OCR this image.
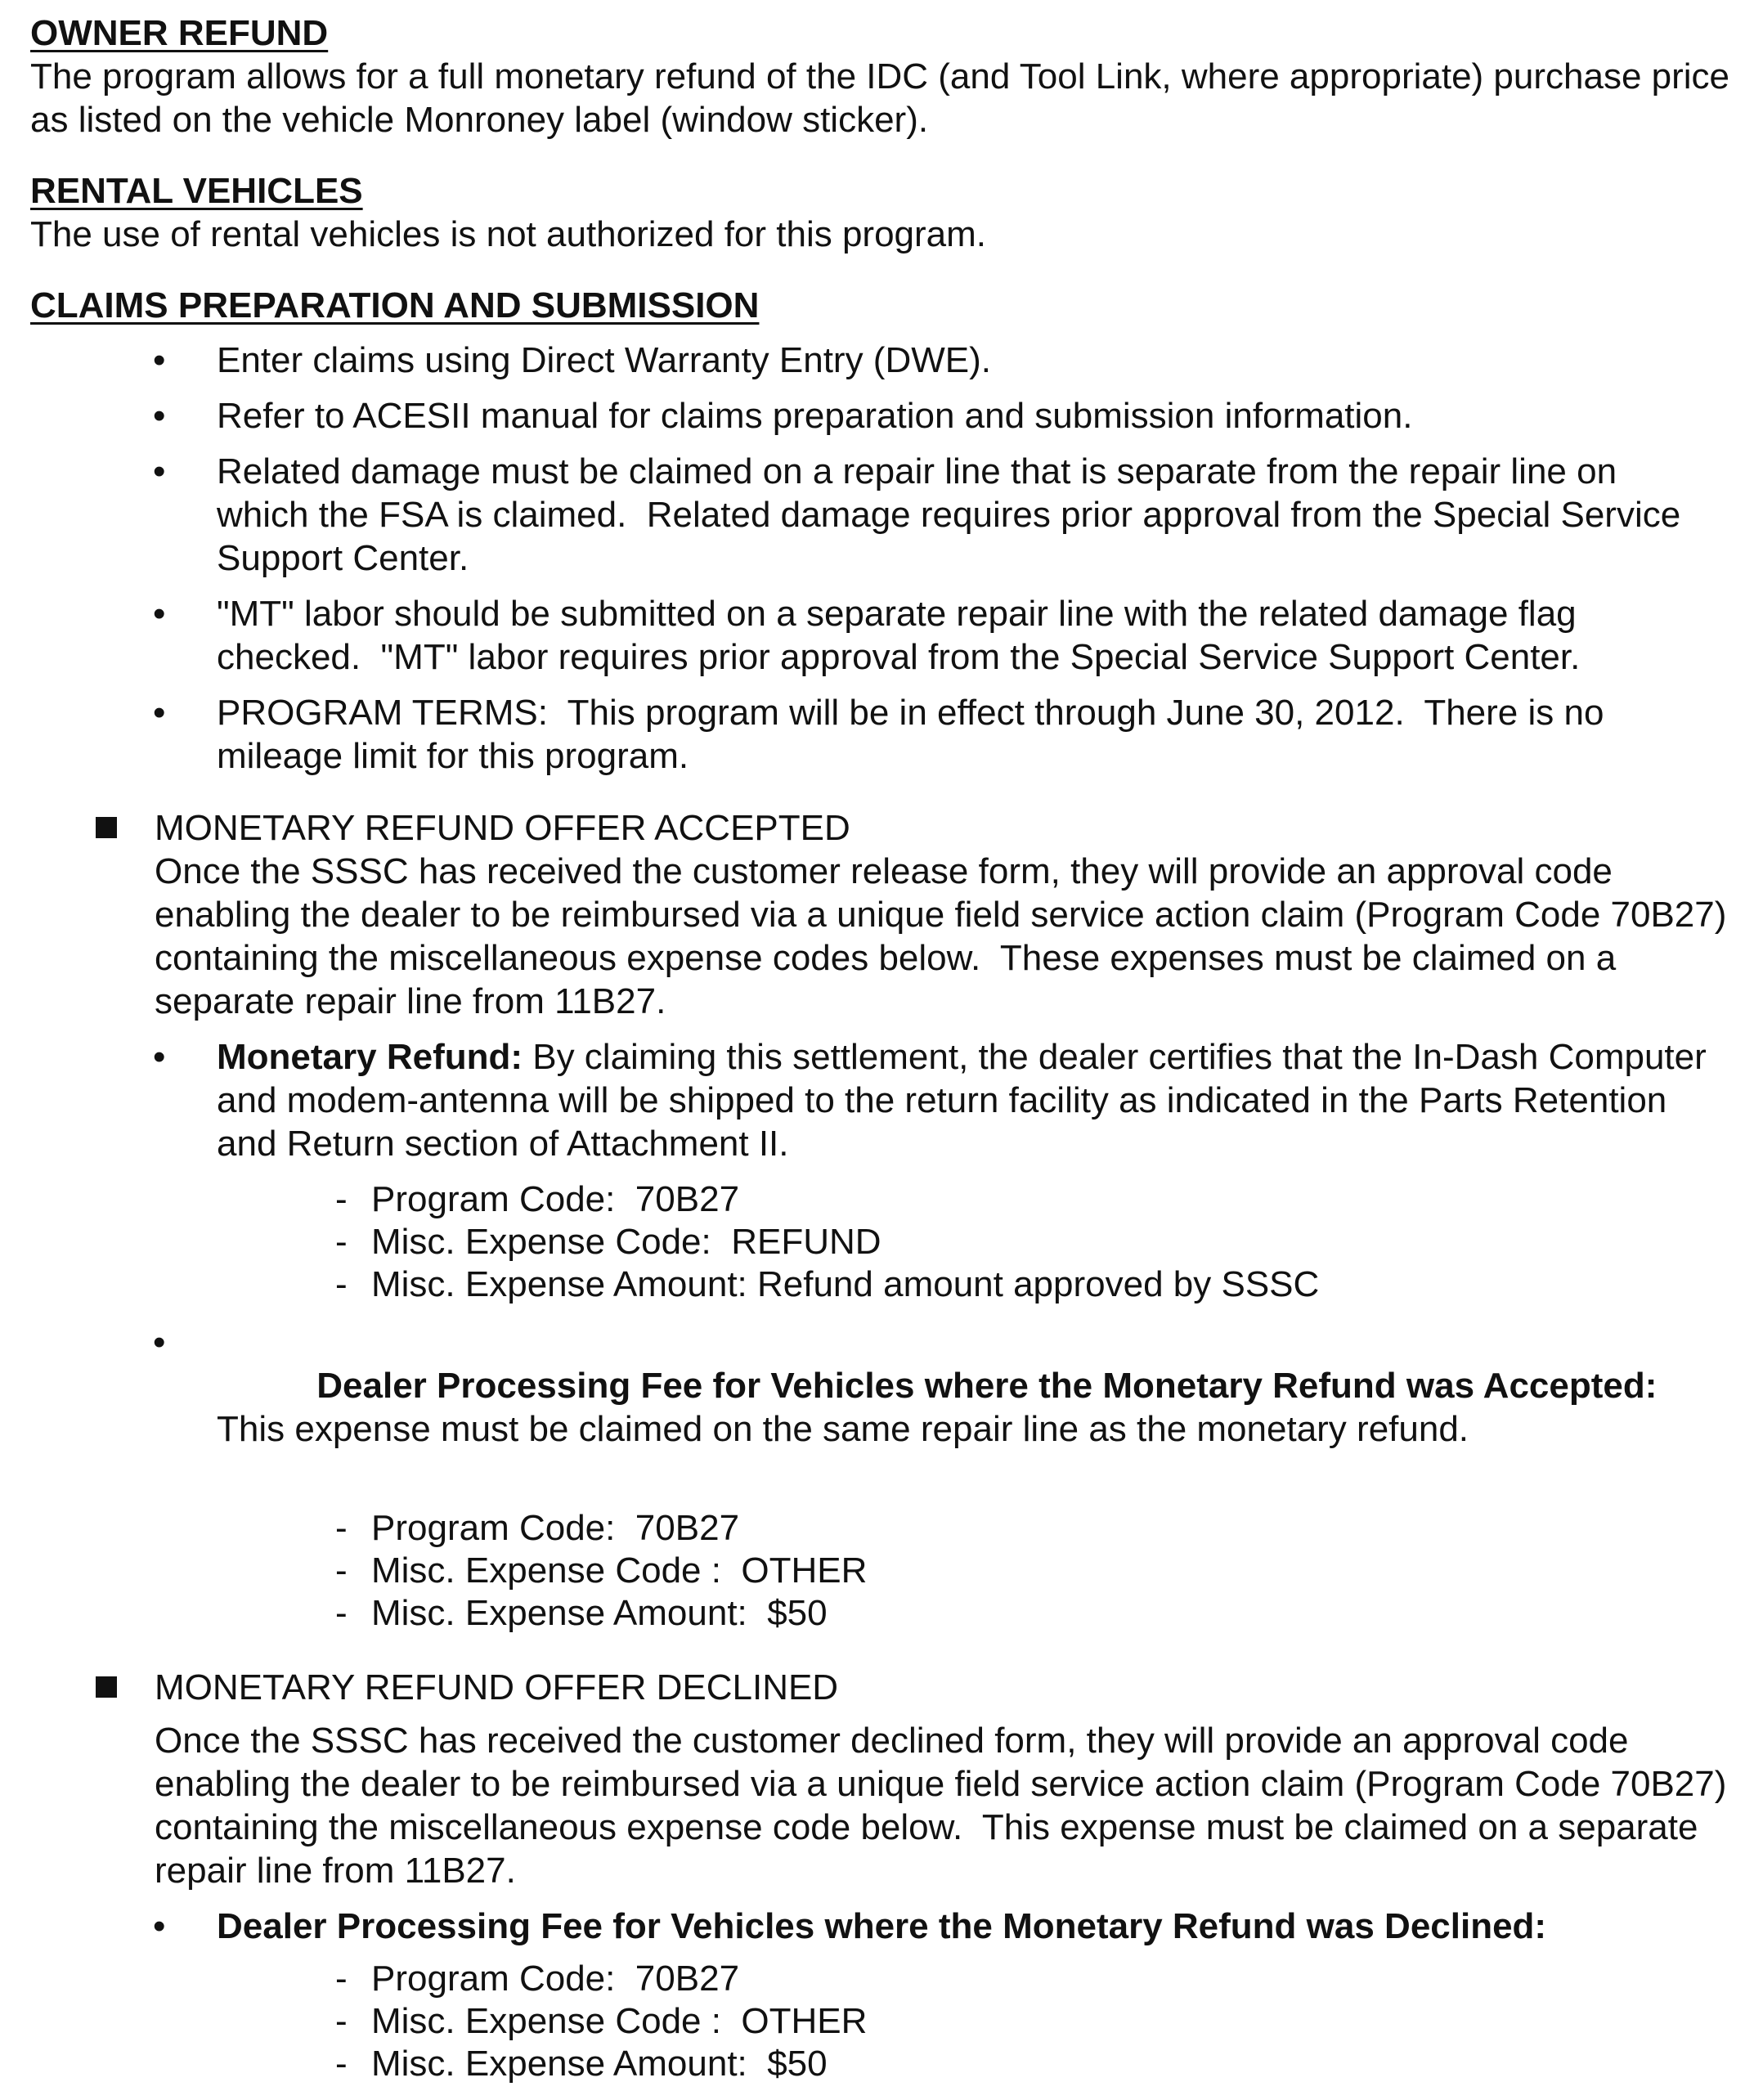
OWNER REFUND

The program allows for a full monetary refund of the IDC (and Tool Link, where appropriate) purchase price as listed on the vehicle Monroney label (window sticker).

RENTAL VEHICLES

The use of rental vehicles is not authorized for this program.

CLAIMS PREPARATION AND SUBMISSION
• Enter claims using Direct Warranty Entry (DWE).
• Refer to ACESII manual for claims preparation and submission information.
• Related damage must be claimed on a repair line that is separate from the repair line on which the FSA is claimed.  Related damage requires prior approval from the Special Service Support Center.
• "MT" labor should be submitted on a separate repair line with the related damage flag checked.  "MT" labor requires prior approval from the Special Service Support Center.
• PROGRAM TERMS:  This program will be in effect through June 30, 2012.  There is no mileage limit for this program.
MONETARY REFUND OFFER ACCEPTED

Once the SSSC has received the customer release form, they will provide an approval code enabling the dealer to be reimbursed via a unique field service action claim (Program Code 70B27) containing the miscellaneous expense codes below.  These expenses must be claimed on a separate repair line from 11B27.

• Monetary Refund: By claiming this settlement, the dealer certifies that the In-Dash Computer and modem-antenna will be shipped to the return facility as indicated in the Parts Retention and Return section of Attachment II.
- Program Code:  70B27
- Misc. Expense Code:  REFUND
- Misc. Expense Amount: Refund amount approved by SSSC

• Dealer Processing Fee for Vehicles where the Monetary Refund was Accepted:  This expense must be claimed on the same repair line as the monetary refund.

- Program Code:  70B27
- Misc. Expense Code :  OTHER
- Misc. Expense Amount:  $50
MONETARY REFUND OFFER DECLINED

Once the SSSC has received the customer declined form, they will provide an approval code enabling the dealer to be reimbursed via a unique field service action claim (Program Code 70B27) containing the miscellaneous expense code below.  This expense must be claimed on a separate repair line from 11B27.

• Dealer Processing Fee for Vehicles where the Monetary Refund was Declined:
- Program Code:  70B27
- Misc. Expense Code :  OTHER
- Misc. Expense Amount:  $50
